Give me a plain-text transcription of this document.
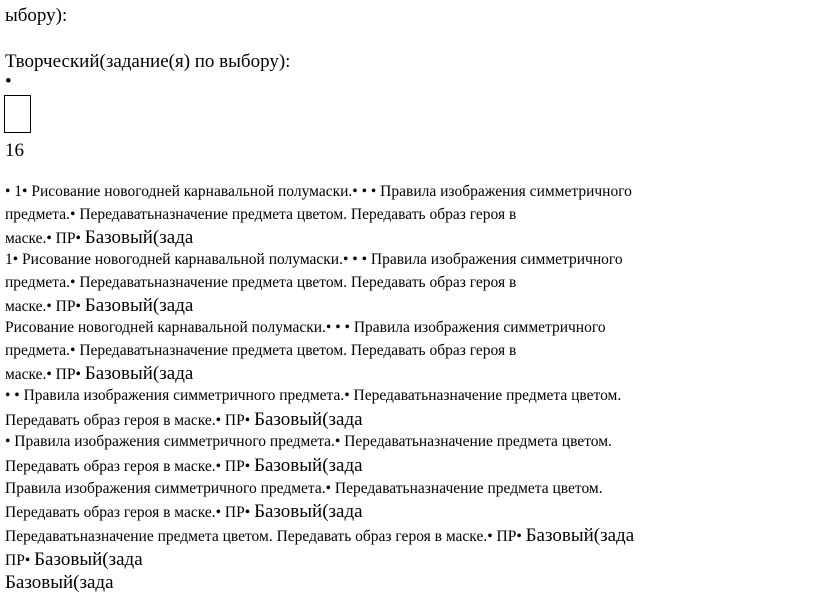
ыбору):
Творческий(задание(я) по выбору):
•
16
• 1• Рисование новогодней карнавальной полумаски.• • • Правила изображения симметричного
предмета.• Передаватьназначение предмета цветом. Передавать образ героя в
маске.• ПР• Базовый(зада
1• Рисование новогодней карнавальной полумаски.• • • Правила изображения симметричного
предмета.• Передаватьназначение предмета цветом. Передавать образ героя в
маске.• ПР• Базовый(зада
Рисование новогодней карнавальной полумаски.• • • Правила изображения симметричного
предмета.• Передаватьназначение предмета цветом. Передавать образ героя в
маске.• ПР• Базовый(зада
• • Правила изображения симметричного предмета.• Передаватьназначение предмета цветом.
Передавать образ героя в маске.• ПР• Базовый(зада
• Правила изображения симметричного предмета.• Передаватьназначение предмета цветом.
Передавать образ героя в маске.• ПР• Базовый(зада
Правила изображения симметричного предмета.• Передаватьназначение предмета цветом.
Передавать образ героя в маске.• ПР• Базовый(зада
Передаватьназначение предмета цветом. Передавать образ героя в маске.• ПР• Базовый(зада
ПР• Базовый(зада
Базовый(зада
